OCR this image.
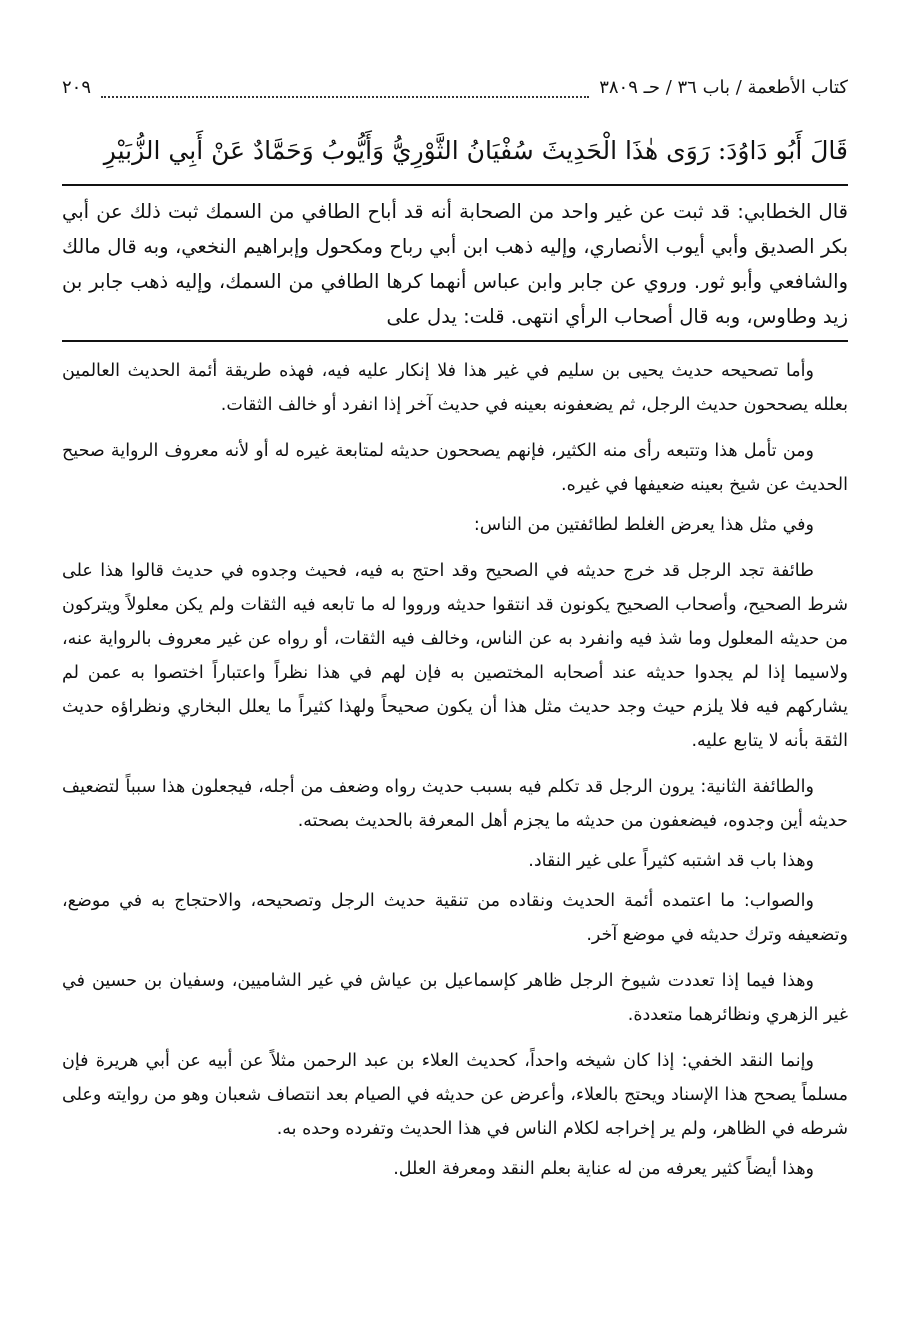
كتاب الأطعمة / باب ٣٦ / حـ ٣٨٠٩
٢٠٩
قَالَ أَبُو دَاوُدَ: رَوَى هٰذَا الْحَدِيثَ سُفْيَانُ الثَّوْرِيُّ وَأَيُّوبُ وَحَمَّادٌ عَنْ أَبِي الزُّبَيْرِ

قال الخطابي: قد ثبت عن غير واحد من الصحابة أنه قد أباح الطافي من السمك ثبت ذلك عن أبي بكر الصديق وأبي أيوب الأنصاري، وإليه ذهب ابن أبي رباح ومكحول وإبراهيم النخعي، وبه قال مالك والشافعي وأبو ثور. وروي عن جابر وابن عباس أنهما كرها الطافي من السمك، وإليه ذهب جابر بن زيد وطاوس، وبه قال أصحاب الرأي انتهى. قلت: يدل على

وأما تصحيحه حديث يحيى بن سليم في غير هذا فلا إنكار عليه فيه، فهذه طريقة أئمة الحديث العالمين بعلله يصححون حديث الرجل، ثم يضعفونه بعينه في حديث آخر إذا انفرد أو خالف الثقات.

ومن تأمل هذا وتتبعه رأى منه الكثير، فإنهم يصححون حديثه لمتابعة غيره له أو لأنه معروف الرواية صحيح الحديث عن شيخ بعينه ضعيفها في غيره.

وفي مثل هذا يعرض الغلط لطائفتين من الناس:

طائفة تجد الرجل قد خرج حديثه في الصحيح وقد احتج به فيه، فحيث وجدوه في حديث قالوا هذا على شرط الصحيح، وأصحاب الصحيح يكونون قد انتقوا حديثه ورووا له ما تابعه فيه الثقات ولم يكن معلولاً ويتركون من حديثه المعلول وما شذ فيه وانفرد به عن الناس، وخالف فيه الثقات، أو رواه عن غير معروف بالرواية عنه، ولاسيما إذا لم يجدوا حديثه عند أصحابه المختصين به فإن لهم في هذا نظراً واعتباراً اختصوا به عمن لم يشاركهم فيه فلا يلزم حيث وجد حديث مثل هذا أن يكون صحيحاً ولهذا كثيراً ما يعلل البخاري ونظراؤه حديث الثقة بأنه لا يتابع عليه.

والطائفة الثانية: يرون الرجل قد تكلم فيه بسبب حديث رواه وضعف من أجله، فيجعلون هذا سبباً لتضعيف حديثه أين وجدوه، فيضعفون من حديثه ما يجزم أهل المعرفة بالحديث بصحته.

وهذا باب قد اشتبه كثيراً على غير النقاد.

والصواب: ما اعتمده أئمة الحديث ونقاده من تنقية حديث الرجل وتصحيحه، والاحتجاج به في موضع، وتضعيفه وترك حديثه في موضع آخر.

وهذا فيما إذا تعددت شيوخ الرجل ظاهر كإسماعيل بن عياش في غير الشاميين، وسفيان بن حسين في غير الزهري ونظائرهما متعددة.

وإنما النقد الخفي: إذا كان شيخه واحداً، كحديث العلاء بن عبد الرحمن مثلاً عن أبيه عن أبي هريرة فإن مسلماً يصحح هذا الإسناد ويحتج بالعلاء، وأعرض عن حديثه في الصيام بعد انتصاف شعبان وهو من روايته وعلى شرطه في الظاهر، ولم ير إخراجه لكلام الناس في هذا الحديث وتفرده وحده به.

وهذا أيضاً كثير يعرفه من له عناية بعلم النقد ومعرفة العلل.
